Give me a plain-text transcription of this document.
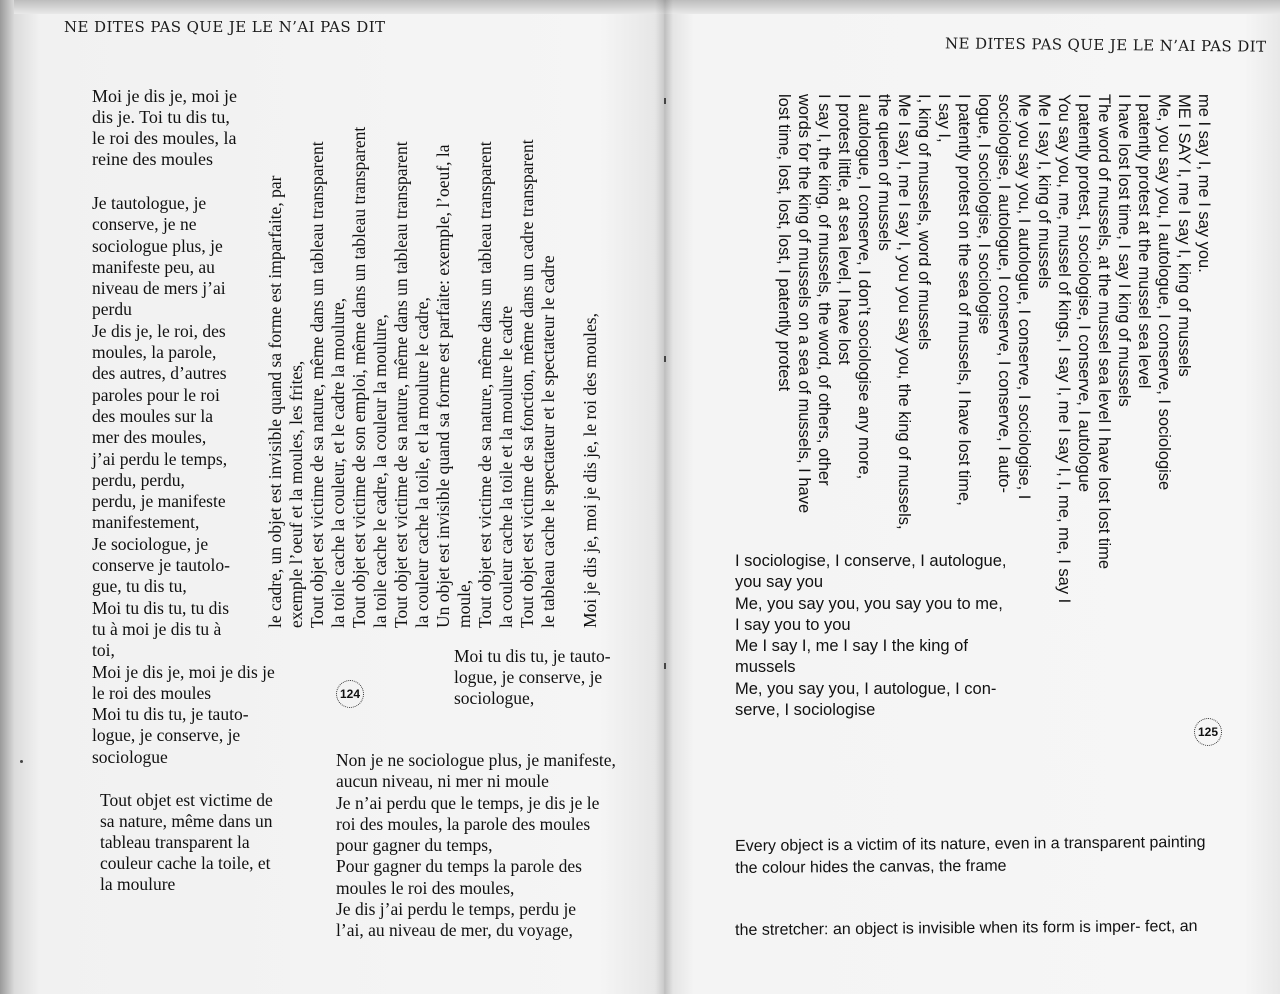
NE DITES PAS QUE JE LE N’AI PAS DIT
Moi je dis je, moi je
dis je. Toi tu dis tu,
le roi des moules, la
reine des moules
Je tautologue, je
conserve, je ne
sociologue plus, je
manifeste peu, au
niveau de mers j’ai
perdu
Je dis je, le roi, des
moules, la parole,
des autres, d’autres
paroles pour le roi
des moules sur la
mer des moules,
j’ai perdu le temps,
perdu, perdu,
perdu, je manifeste
manifestement,
Je sociologue, je
conserve je tautolo-
gue, tu dis tu,
Moi tu dis tu, tu dis
tu à moi je dis tu à
toi,
Moi je dis je, moi je dis je
le roi des moules
Moi tu dis tu, je tauto-
logue, je conserve, je
sociologue
Tout objet est victime de
sa nature, même dans un
tableau transparent la
couleur cache la toile, et
la moulure
le cadre, un objet est invisible quand sa forme est imparfaite, par exemple l’oeuf et la moules, les frites, Tout objet est victime de sa nature, même dans un tableau transparent la toile cache la couleur, et le cadre la moulure, Tout objet est victime de son emploi, même dans un tableau transparent la toile cache le cadre, la couleur la moulure, Tout objet est victime de sa nature, même dans un tableau transparent la couleur cache la toile, et la moulure le cadre, Un objet est invisible quand sa forme est parfaite: exemple, l’oeuf, la moule, Tout objet est victime de sa nature, même dans un tableau transparent la couleur cache la toile et la moulure le cadre Tout objet est victime de sa fonction, même dans un cadre transparent le tableau cache le spectateur et le spectateur le cadre Moi je dis je, moi je dis je, le roi des moules,
124
Moi tu dis tu, je tauto-
logue, je conserve, je
sociologue,
Non je ne sociologue plus, je manifeste,
aucun niveau, ni mer ni moule
Je n’ai perdu que le temps, je dis je le
roi des moules, la parole des moules
pour gagner du temps,
Pour gagner du temps la parole des
moules le roi des moules,
Je dis j’ai perdu le temps, perdu je
l’ai, au niveau de mer, du voyage,
NE DITES PAS QUE JE LE N’AI PAS DIT
me I say I, me I say you.
ME I SAY I, me I say I, king of mussels
Me, you say you, I autologue, I conserve, I sociologise
I patently protest at the mussel sea level
I have lost lost time, I say I king of mussels
The word of mussels, at the mussel sea level I have lost lost time
I patently protest, I sociologise, I conserve, I autologue
You say you, me, mussel of kings, I say I, me I say I, I, me, me, I say I
Me I say I, king of mussels
Me you say you, I autologue, I conserve, I sociologise, I
sociologise, I autologue, I conserve, I conserve, I auto-
logue, I sociologise, I sociologise
I patently protest on the sea of mussels, I have lost time,
I say I,
I, king of mussels, word of mussels
Me I say I, me I say I, you you say you, the king of mussels,
the queen of mussels
I autologue, I conserve, I don’t sociologise any more,
I protest little, at sea level, I have lost
I say I, the king, of mussels, the word, of others, other
words for the king of mussels on a sea of mussels, I have
lost time, lost, lost, lost, I patently protest
I sociologise, I conserve, I autologue,
you say you
Me, you say you, you say you to me,
I say you to you
Me I say I, me I say I the king of
mussels
Me, you say you, I autologue, I con-
serve, I sociologise
125
Every object is a victim of its nature, even in a transparent painting
the colour hides the canvas, the frame
the stretcher: an object is invisible when its form is imper- fect, an
